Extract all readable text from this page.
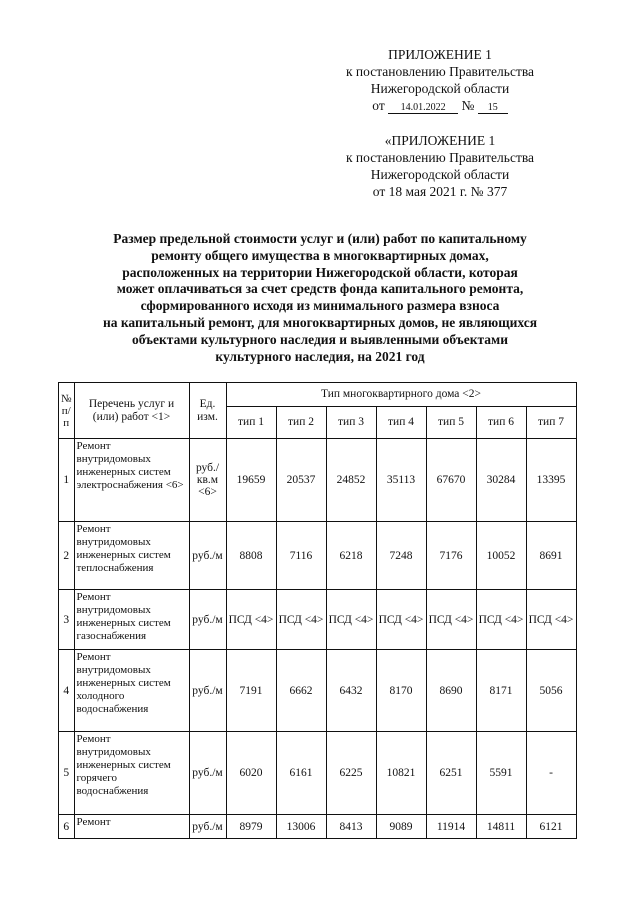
ПРИЛОЖЕНИЕ 1
к постановлению Правительства
Нижегородской области
от 14.01.2022 № 15
«ПРИЛОЖЕНИЕ 1
к постановлению Правительства
Нижегородской области
от 18 мая 2021 г. № 377
Размер предельной стоимости услуг и (или) работ по капитальному
ремонту общего имущества в многоквартирных домах,
расположенных на территории Нижегородской области, которая
может оплачиваться за счет средств фонда капитального ремонта,
сформированного исходя из минимального размера взноса
на капитальный ремонт, для многоквартирных домов, не являющихся
объектами культурного наследия и выявленными объектами
культурного наследия, на 2021 год
№ п/п	Перечень услуг и (или) работ <1>	Ед. изм.	Тип многоквартирного дома <2>						
			тип 1	тип 2	тип 3	тип 4	тип 5	тип 6	тип 7
1	Ремонт внутридомовых инженерных систем электроснабжения <6>	руб./ кв.м <6>	19659	20537	24852	35113	67670	30284	13395
2	Ремонт внутридомовых инженерных систем теплоснабжения	руб./м	8808	7116	6218	7248	7176	10052	8691
3	Ремонт внутридомовых инженерных систем газоснабжения	руб./м	ПСД <4>	ПСД <4>	ПСД <4>	ПСД <4>	ПСД <4>	ПСД <4>	ПСД <4>
4	Ремонт внутридомовых инженерных систем холодного водоснабжения	руб./м	7191	6662	6432	8170	8690	8171	5056
5	Ремонт внутридомовых инженерных систем горячего водоснабжения	руб./м	6020	6161	6225	10821	6251	5591	-
6	Ремонт	руб./м	8979	13006	8413	9089	11914	14811	6121
